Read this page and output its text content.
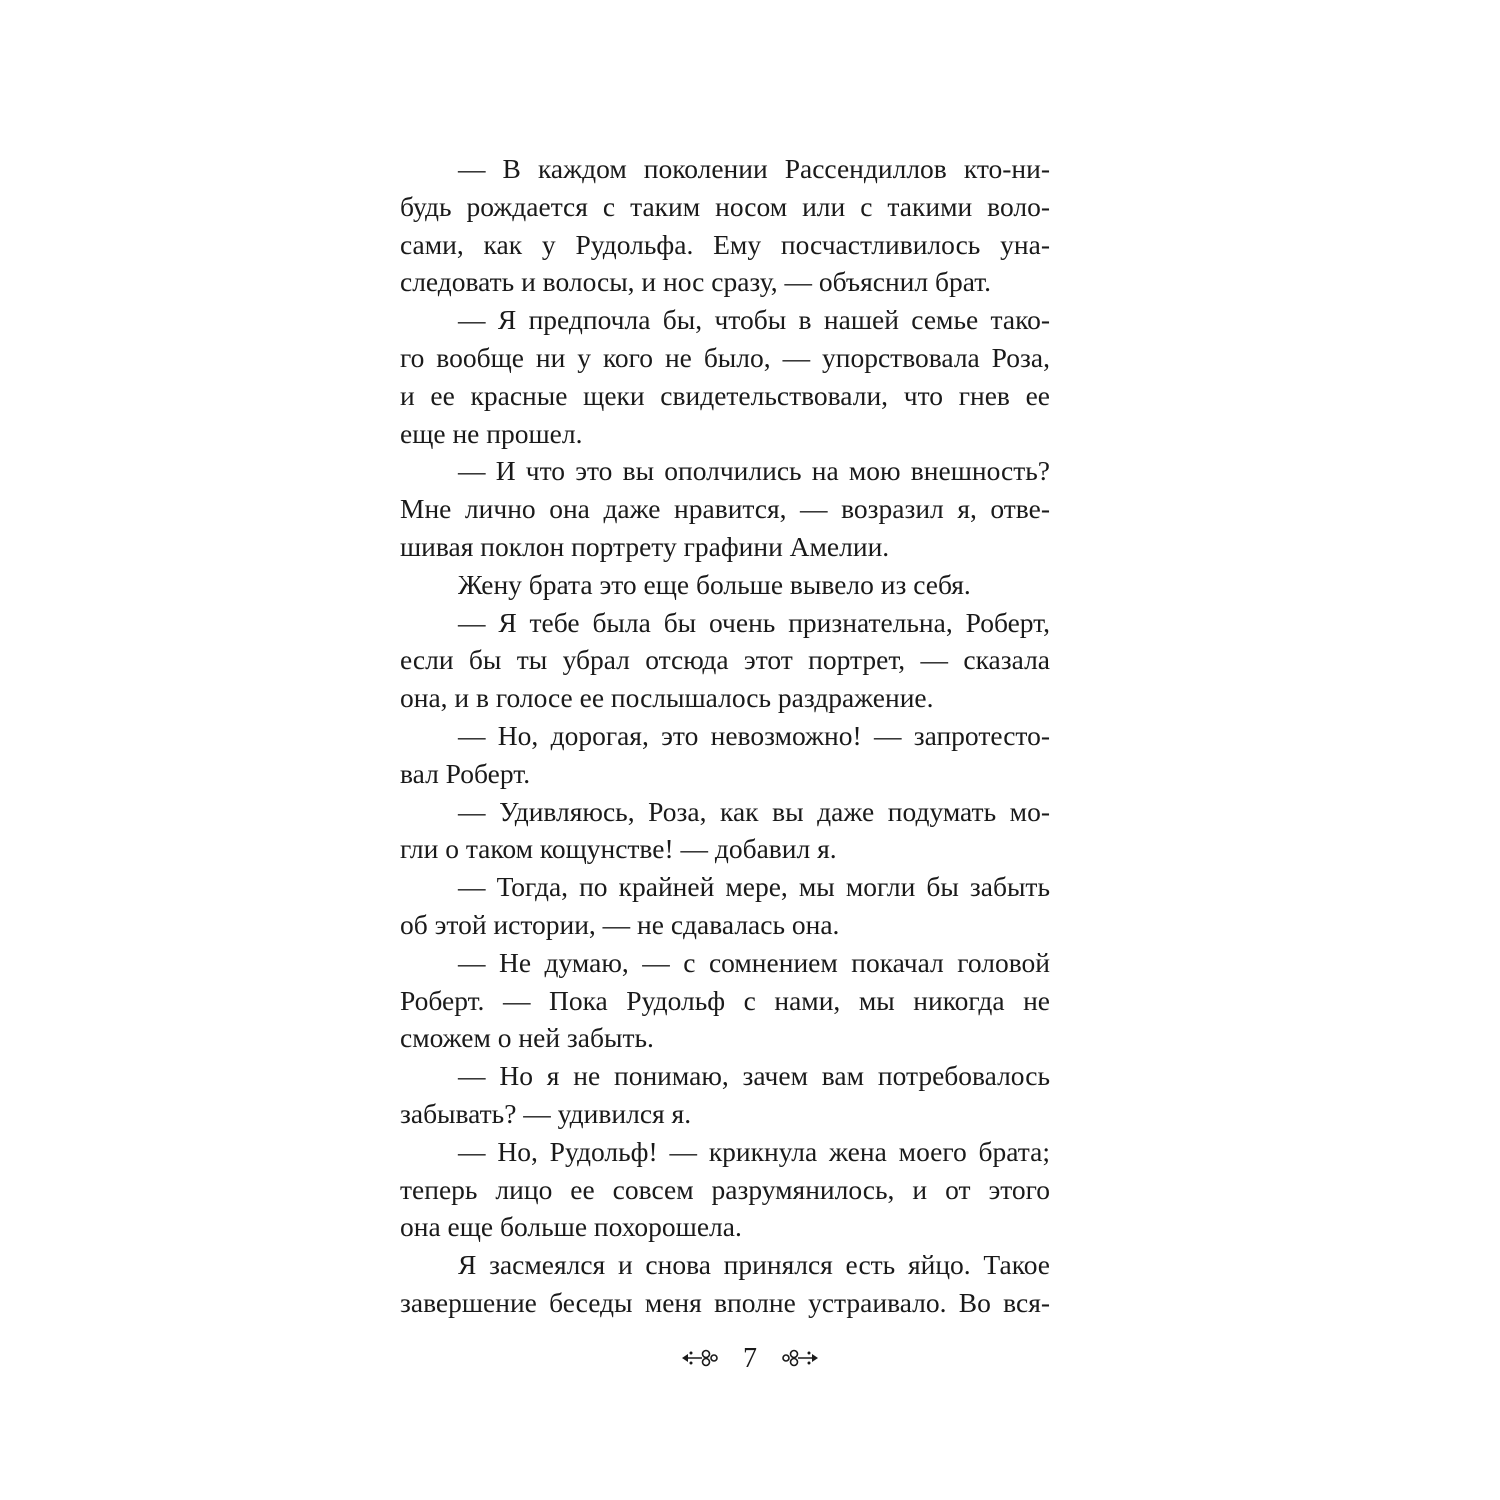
— В каждом поколении Рассендиллов кто-ни-
будь рождается с таким носом или с такими воло-
сами, как у Рудольфа. Ему посчастливилось уна-
следовать и волосы, и нос сразу, — объяснил брат.
— Я предпочла бы, чтобы в нашей семье тако-
го вообще ни у кого не было, — упорствовала Роза,
и ее красные щеки свидетельствовали, что гнев ее
еще не прошел.
— И что это вы ополчились на мою внешность?
Мне лично она даже нравится, — возразил я, отве-
шивая поклон портрету графини Амелии.
Жену брата это еще больше вывело из себя.
— Я тебе была бы очень признательна, Роберт,
если бы ты убрал отсюда этот портрет, — сказала
она, и в голосе ее послышалось раздражение.
— Но, дорогая, это невозможно! — запротесто-
вал Роберт.
— Удивляюсь, Роза, как вы даже подумать мо-
гли о таком кощунстве! — добавил я.
— Тогда, по крайней мере, мы могли бы забыть
об этой истории, — не сдавалась она.
— Не думаю, — с сомнением покачал головой
Роберт. — Пока Рудольф с нами, мы никогда не
сможем о ней забыть.
— Но я не понимаю, зачем вам потребовалось
забывать? — удивился я.
— Но, Рудольф! — крикнула жена моего брата;
теперь лицо ее совсем разрумянилось, и от этого
она еще больше похорошела.
Я засмеялся и снова принялся есть яйцо. Такое
завершение беседы меня вполне устраивало. Во вся-
7
